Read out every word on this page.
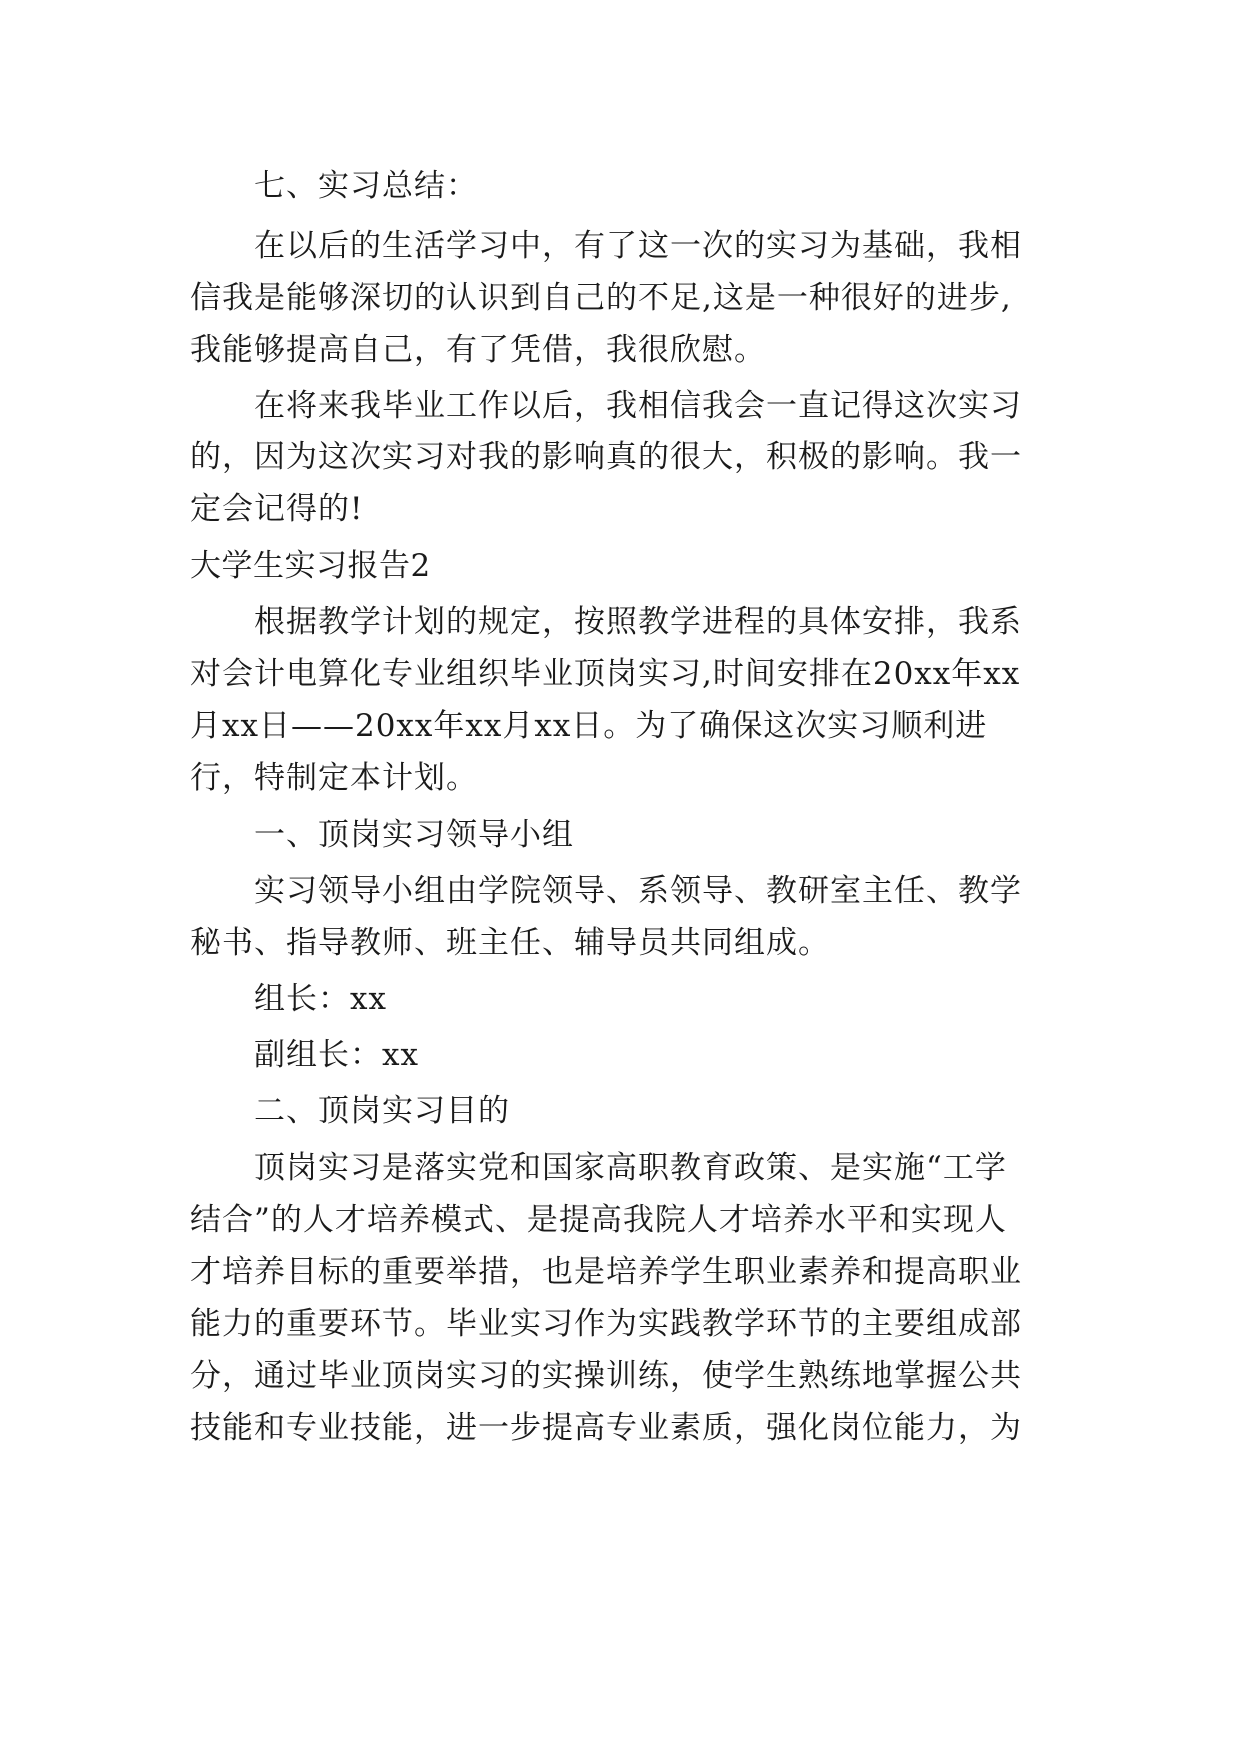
七、实习总结：
在以后的生活学习中，有了这一次的实习为基础，我相
信我是能够深切的认识到自己的不足,这是一种很好的进步,
我能够提高自己，有了凭借，我很欣慰。
在将来我毕业工作以后，我相信我会一直记得这次实习
的，因为这次实习对我的影响真的很大，积极的影响。我一
定会记得的!
大学生实习报告2
根据教学计划的规定，按照教学进程的具体安排，我系
对会计电算化专业组织毕业顶岗实习,时间安排在20xx年xx
月xx日——20xx年xx月xx日。为了确保这次实习顺利进
行，特制定本计划。
一、顶岗实习领导小组
实习领导小组由学院领导、系领导、教研室主任、教学
秘书、指导教师、班主任、辅导员共同组成。
组长：xx
副组长：xx
二、顶岗实习目的
顶岗实习是落实党和国家高职教育政策、是实施“工学
结合”的人才培养模式、是提高我院人才培养水平和实现人
才培养目标的重要举措，也是培养学生职业素养和提高职业
能力的重要环节。毕业实习作为实践教学环节的主要组成部
分，通过毕业顶岗实习的实操训练，使学生熟练地掌握公共
技能和专业技能，进一步提高专业素质，强化岗位能力，为
